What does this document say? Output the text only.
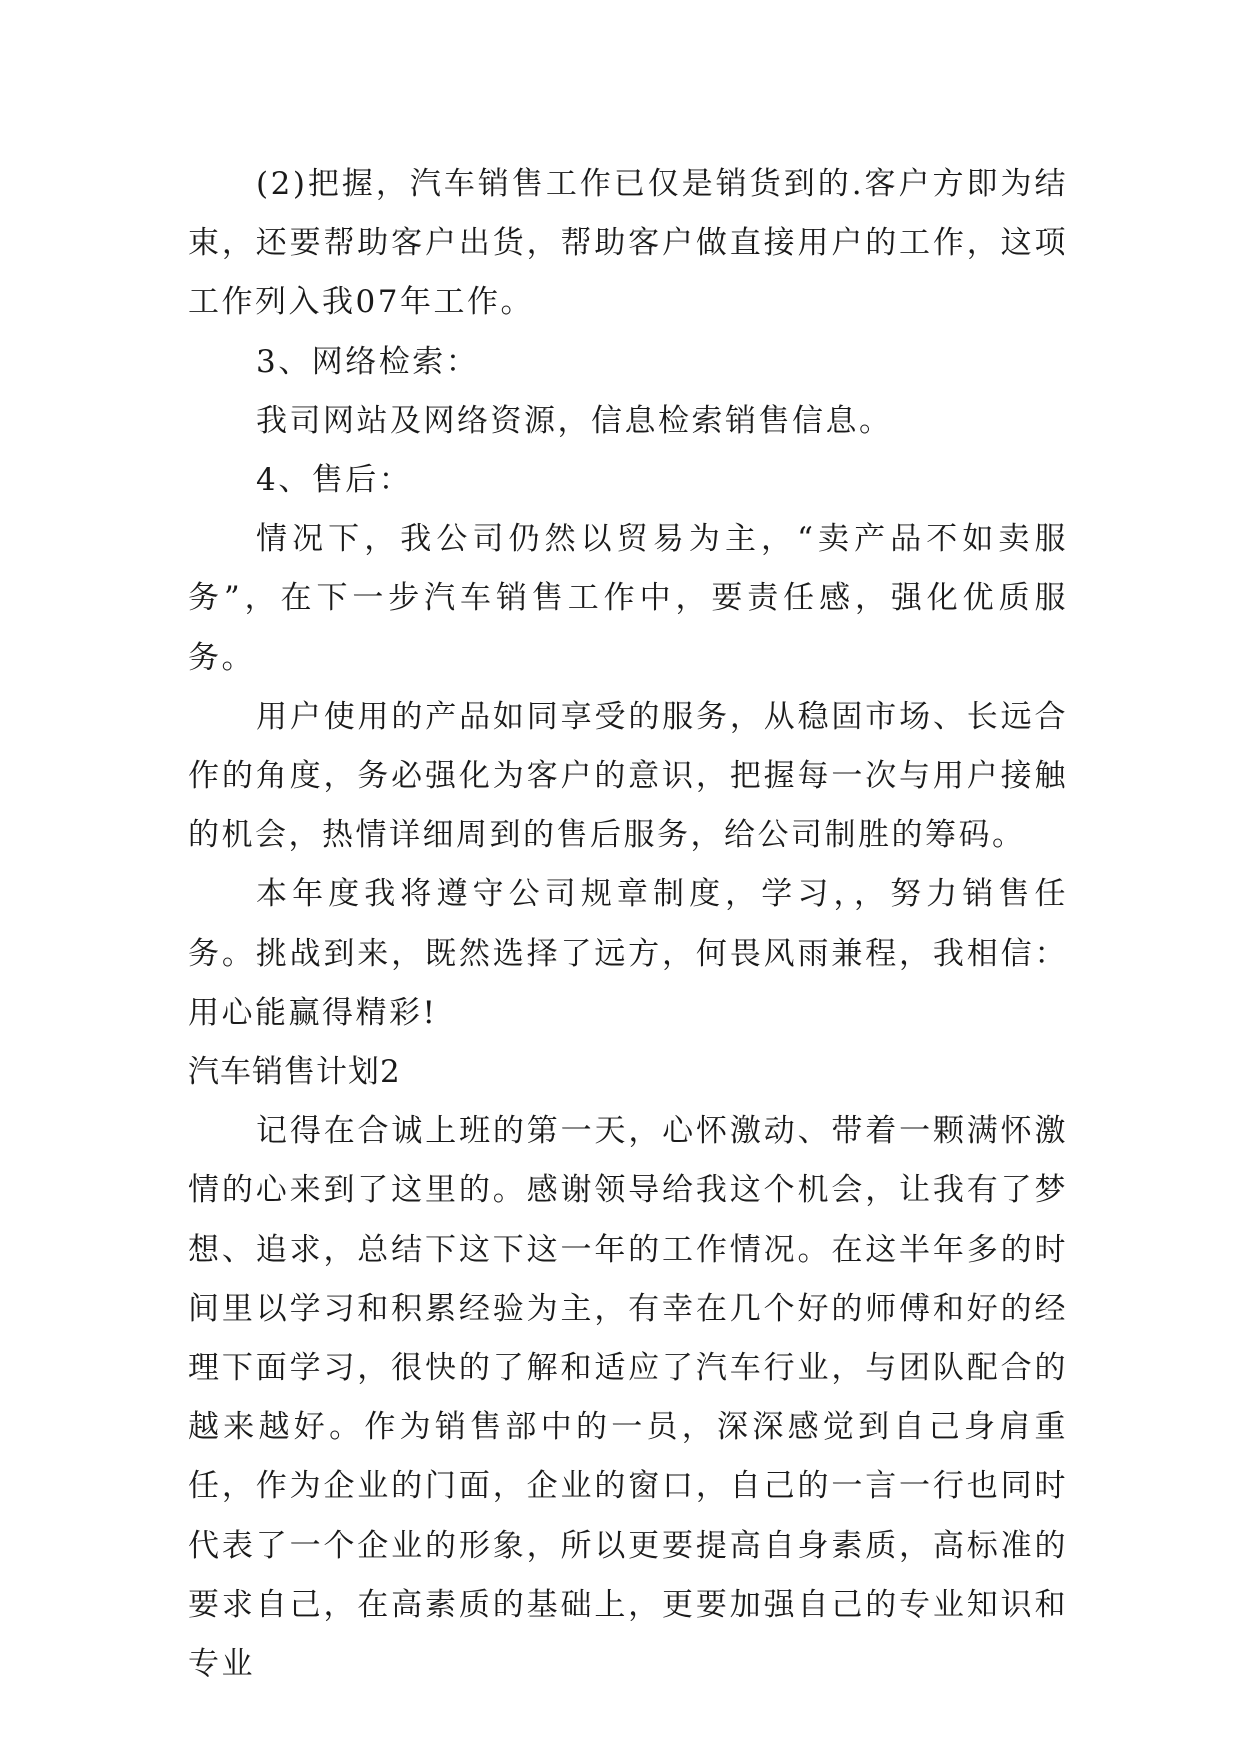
(2)把握，汽车销售工作已仅是销货到的.客户方即为结束，还要帮助客户出货，帮助客户做直接用户的工作，这项工作列入我07年工作。

3、网络检索：

我司网站及网络资源，信息检索销售信息。

4、售后：

情况下，我公司仍然以贸易为主，“卖产品不如卖服务”，在下一步汽车销售工作中，要责任感，强化优质服务。

用户使用的产品如同享受的服务，从稳固市场、长远合作的角度，务必强化为客户的意识，把握每一次与用户接触的机会，热情详细周到的售后服务，给公司制胜的筹码。

本年度我将遵守公司规章制度，学习，，努力销售任务。挑战到来，既然选择了远方，何畏风雨兼程，我相信：用心能赢得精彩!

汽车销售计划2

记得在合诚上班的第一天，心怀激动、带着一颗满怀激情的心来到了这里的。感谢领导给我这个机会，让我有了梦想、追求，总结下这下这一年的工作情况。在这半年多的时间里以学习和积累经验为主，有幸在几个好的师傅和好的经理下面学习，很快的了解和适应了汽车行业，与团队配合的越来越好。作为销售部中的一员，深深感觉到自己身肩重任，作为企业的门面，企业的窗口，自己的一言一行也同时代表了一个企业的形象，所以更要提高自身素质，高标准的要求自己，在高素质的基础上，更要加强自己的专业知识和专业
